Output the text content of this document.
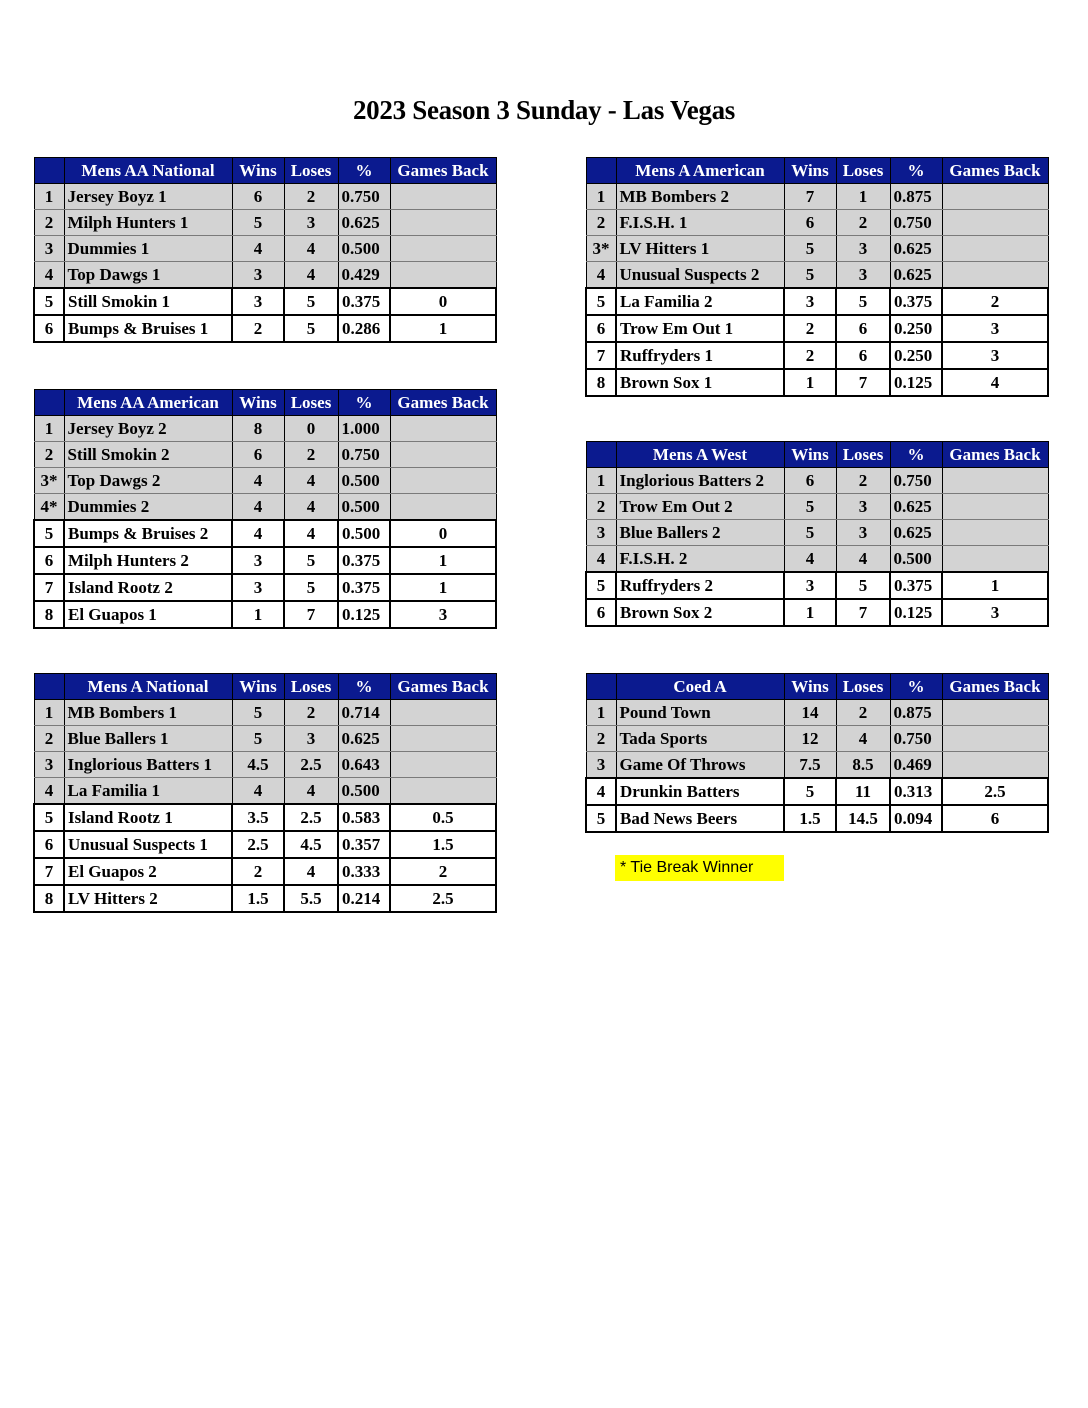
2023 Season 3 Sunday - Las Vegas
	Mens AA National	Wins	Loses	%	Games Back
1	Jersey Boyz 1	6	2	0.750	
2	Milph Hunters 1	5	3	0.625	
3	Dummies 1	4	4	0.500	
4	Top Dawgs 1	3	4	0.429	
5	Still Smokin 1	3	5	0.375	0
6	Bumps & Bruises 1	2	5	0.286	1
	Mens A American	Wins	Loses	%	Games Back
1	MB Bombers 2	7	1	0.875	
2	F.I.S.H. 1	6	2	0.750	
3*	LV Hitters 1	5	3	0.625	
4	Unusual Suspects 2	5	3	0.625	
5	La Familia 2	3	5	0.375	2
6	Trow Em Out 1	2	6	0.250	3
7	Ruffryders 1	2	6	0.250	3
8	Brown Sox 1	1	7	0.125	4
	Mens AA American	Wins	Loses	%	Games Back
1	Jersey Boyz 2	8	0	1.000	
2	Still Smokin 2	6	2	0.750	
3*	Top Dawgs 2	4	4	0.500	
4*	Dummies 2	4	4	0.500	
5	Bumps & Bruises 2	4	4	0.500	0
6	Milph Hunters 2	3	5	0.375	1
7	Island Rootz 2	3	5	0.375	1
8	El Guapos 1	1	7	0.125	3
	Mens A West	Wins	Loses	%	Games Back
1	Inglorious Batters 2	6	2	0.750	
2	Trow Em Out 2	5	3	0.625	
3	Blue Ballers 2	5	3	0.625	
4	F.I.S.H. 2	4	4	0.500	
5	Ruffryders 2	3	5	0.375	1
6	Brown Sox 2	1	7	0.125	3
	Mens A National	Wins	Loses	%	Games Back
1	MB Bombers 1	5	2	0.714	
2	Blue Ballers 1	5	3	0.625	
3	Inglorious Batters 1	4.5	2.5	0.643	
4	La Familia 1	4	4	0.500	
5	Island Rootz 1	3.5	2.5	0.583	0.5
6	Unusual Suspects 1	2.5	4.5	0.357	1.5
7	El Guapos 2	2	4	0.333	2
8	LV Hitters 2	1.5	5.5	0.214	2.5
	Coed A	Wins	Loses	%	Games Back
1	Pound Town	14	2	0.875	
2	Tada Sports	12	4	0.750	
3	Game Of Throws	7.5	8.5	0.469	
4	Drunkin Batters	5	11	0.313	2.5
5	Bad News Beers	1.5	14.5	0.094	6
* Tie Break Winner
